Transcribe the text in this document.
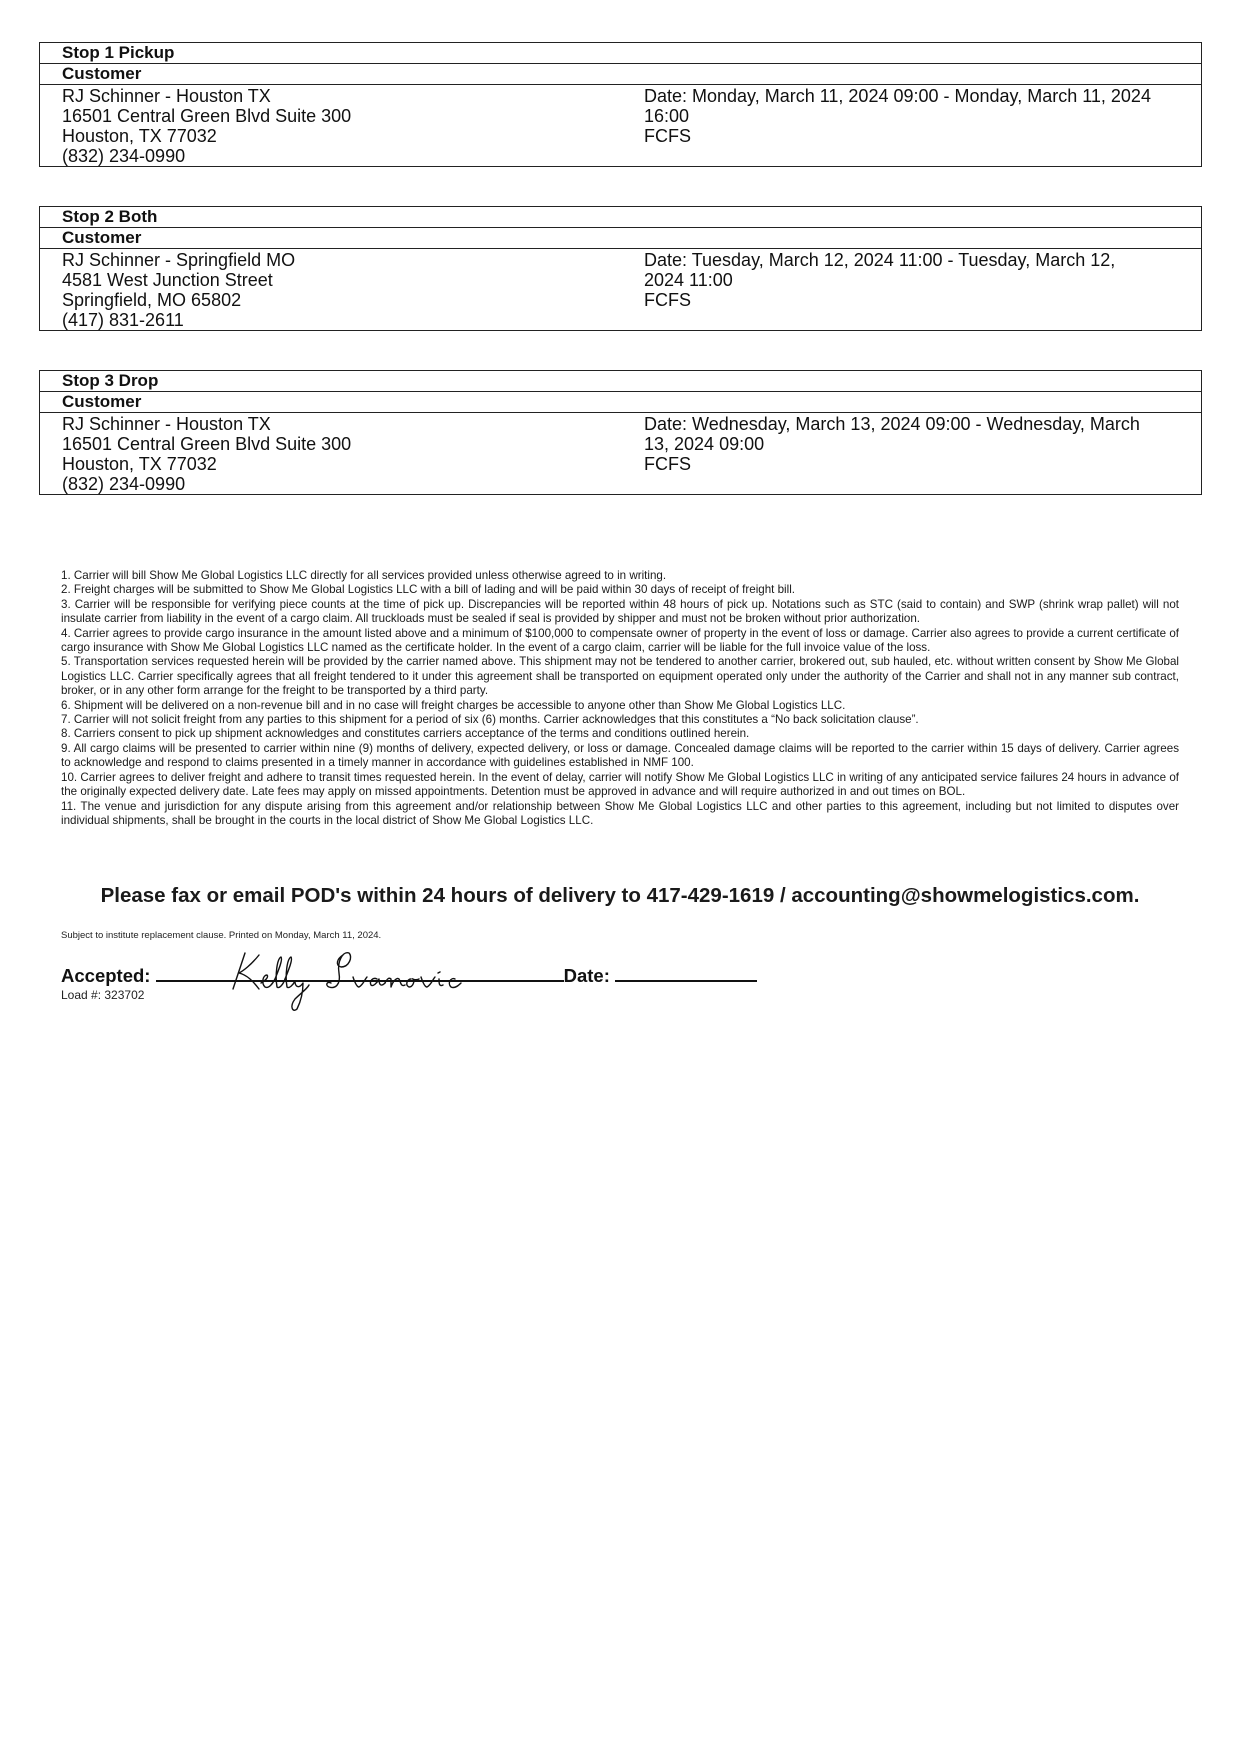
Stop 1 Pickup
Customer
RJ Schinner - Houston TX
16501 Central Green Blvd Suite 300
Houston, TX 77032
(832) 234-0990
Date: Monday, March 11, 2024 09:00 - Monday, March 11, 2024
16:00
FCFS
Stop 2 Both
Customer
RJ Schinner - Springfield MO
4581 West Junction Street
Springfield, MO 65802
(417) 831-2611
Date: Tuesday, March 12, 2024 11:00 - Tuesday, March 12,
2024 11:00
FCFS
Stop 3 Drop
Customer
RJ Schinner - Houston TX
16501 Central Green Blvd Suite 300
Houston, TX 77032
(832) 234-0990
Date: Wednesday, March 13, 2024 09:00 - Wednesday, March
13, 2024 09:00
FCFS

1. Carrier will bill Show Me Global Logistics LLC directly for all services provided unless otherwise agreed to in writing.

2. Freight charges will be submitted to Show Me Global Logistics LLC with a bill of lading and will be paid within 30 days of receipt of freight bill.

3. Carrier will be responsible for verifying piece counts at the time of pick up. Discrepancies will be reported within 48 hours of pick up. Notations such as STC (said to contain) and SWP (shrink wrap pallet) will not insulate carrier from liability in the event of a cargo claim. All truckloads must be sealed if seal is provided by shipper and must not be broken without prior authorization.

4. Carrier agrees to provide cargo insurance in the amount listed above and a minimum of $100,000 to compensate owner of property in the event of loss or damage. Carrier also agrees to provide a current certificate of cargo insurance with Show Me Global Logistics LLC named as the certificate holder. In the event of a cargo claim, carrier will be liable for the full invoice value of the loss.

5. Transportation services requested herein will be provided by the carrier named above. This shipment may not be tendered to another carrier, brokered out, sub hauled, etc. without written consent by Show Me Global Logistics LLC. Carrier specifically agrees that all freight tendered to it under this agreement shall be transported on equipment operated only under the authority of the Carrier and shall not in any manner sub contract, broker, or in any other form arrange for the freight to be transported by a third party.

6. Shipment will be delivered on a non-revenue bill and in no case will freight charges be accessible to anyone other than Show Me Global Logistics LLC.

7. Carrier will not solicit freight from any parties to this shipment for a period of six (6) months. Carrier acknowledges that this constitutes a “No back solicitation clause”.

8. Carriers consent to pick up shipment acknowledges and constitutes carriers acceptance of the terms and conditions outlined herein.

9. All cargo claims will be presented to carrier within nine (9) months of delivery, expected delivery, or loss or damage. Concealed damage claims will be reported to the carrier within 15 days of delivery. Carrier agrees to acknowledge and respond to claims presented in a timely manner in accordance with guidelines established in NMF 100.

10. Carrier agrees to deliver freight and adhere to transit times requested herein. In the event of delay, carrier will notify Show Me Global Logistics LLC in writing of any anticipated service failures 24 hours in advance of the originally expected delivery date. Late fees may apply on missed appointments. Detention must be approved in advance and will require authorized in and out times on BOL.

11. The venue and jurisdiction for any dispute arising from this agreement and/or relationship between Show Me Global Logistics LLC and other parties to this agreement, including but not limited to disputes over individual shipments, shall be brought in the courts in the local district of Show Me Global Logistics LLC.

Please fax or email POD's within 24 hours of delivery to 417-429-1619 / accounting@showmelogistics.com.
Subject to institute replacement clause. Printed on Monday, March 11, 2024.
Accepted:	Date:
Load #: 323702
